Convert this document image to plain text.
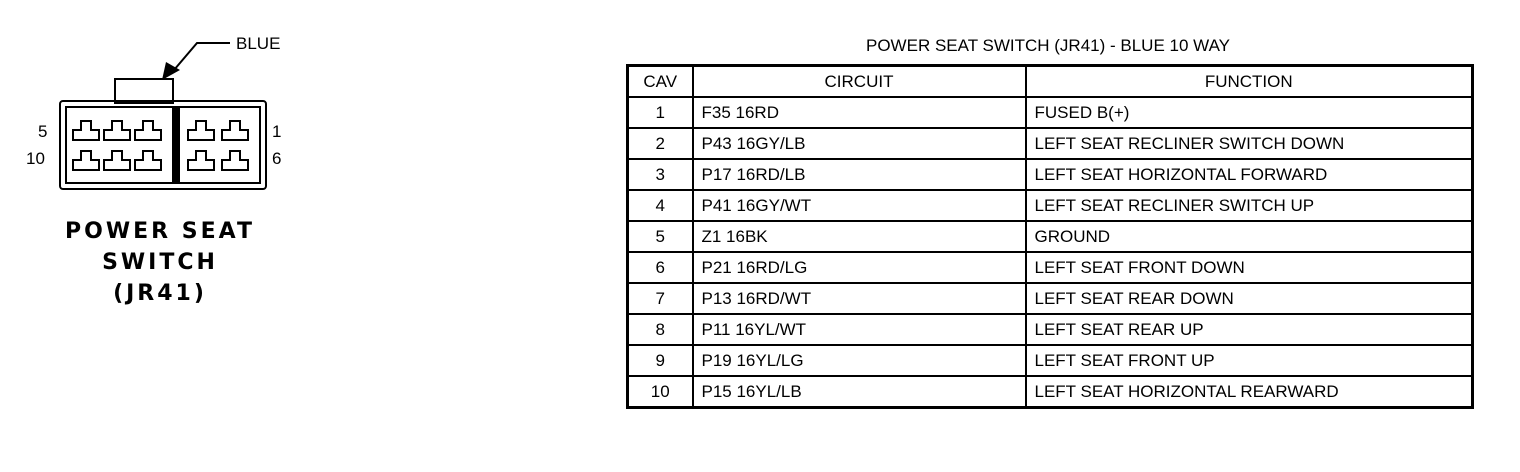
BLUE
5
10
1
6
POWER SEAT
SWITCH
(JR41)
POWER SEAT SWITCH (JR41) - BLUE 10 WAY
CAV	CIRCUIT	FUNCTION
1	F35 16RD	FUSED B(+)
2	P43 16GY/LB	LEFT SEAT RECLINER SWITCH DOWN
3	P17 16RD/LB	LEFT SEAT HORIZONTAL FORWARD
4	P41 16GY/WT	LEFT SEAT RECLINER SWITCH UP
5	Z1 16BK	GROUND
6	P21 16RD/LG	LEFT SEAT FRONT DOWN
7	P13 16RD/WT	LEFT SEAT REAR DOWN
8	P11 16YL/WT	LEFT SEAT REAR UP
9	P19 16YL/LG	LEFT SEAT FRONT UP
10	P15 16YL/LB	LEFT SEAT HORIZONTAL REARWARD
